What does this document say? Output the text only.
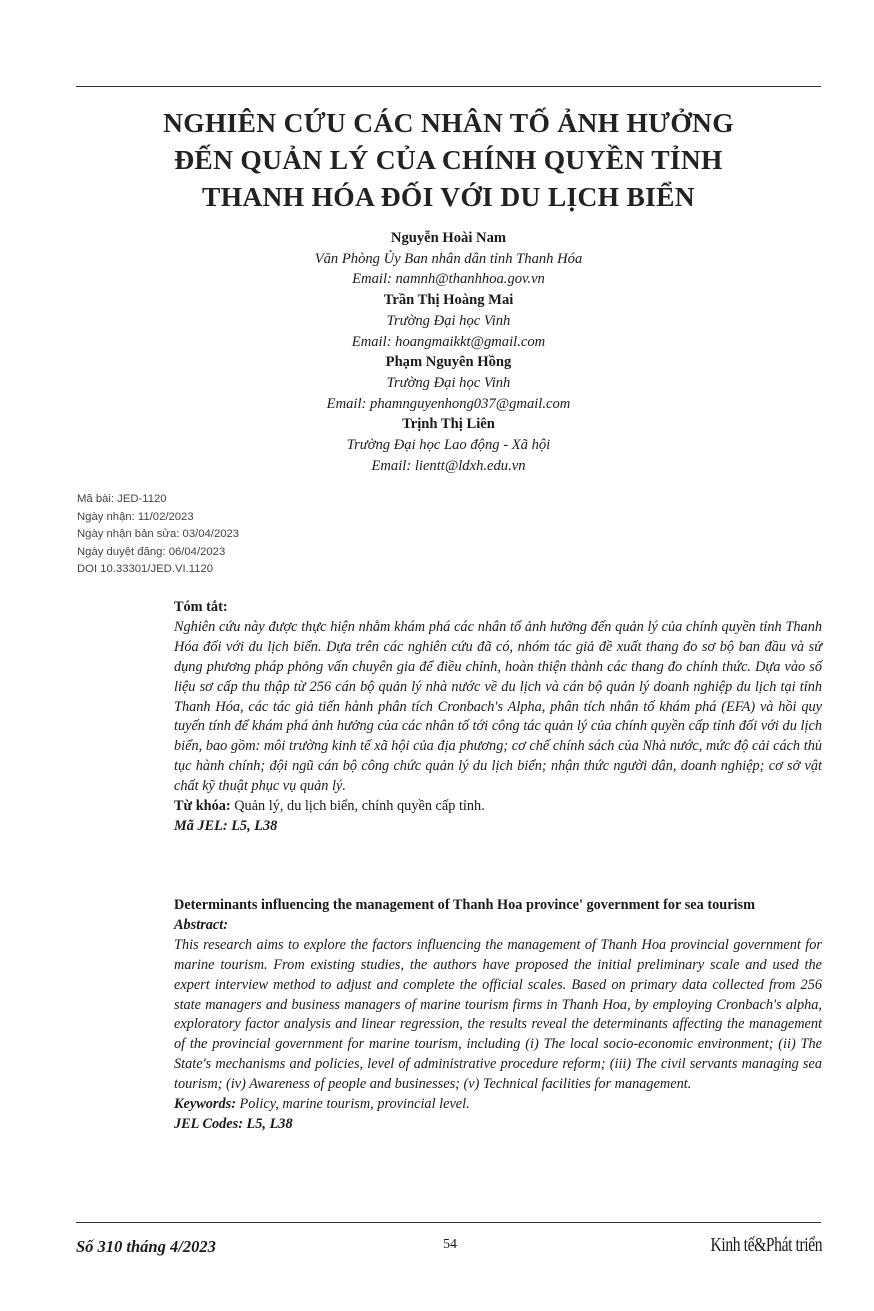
NGHIÊN CỨU CÁC NHÂN TỐ ẢNH HƯỞNG
ĐẾN QUẢN LÝ CỦA CHÍNH QUYỀN TỈNH
THANH HÓA ĐỐI VỚI DU LỊCH BIỂN
Nguyễn Hoài Nam
Văn Phòng Ủy Ban nhân dân tỉnh Thanh Hóa
Email: namnh@thanhhoa.gov.vn
Trần Thị Hoàng Mai
Trường Đại học Vinh
Email: hoangmaikkt@gmail.com
Phạm Nguyên Hồng
Trường Đại học Vinh
Email: phamnguyenhong037@gmail.com
Trịnh Thị Liên
Trường Đại học Lao động - Xã hội
Email: lientt@ldxh.edu.vn
Mã bài: JED-1120
Ngày nhận: 11/02/2023
Ngày nhận bản sửa: 03/04/2023
Ngày duyệt đăng: 06/04/2023
DOI 10.33301/JED.VI.1120
Tóm tắt:
Nghiên cứu này được thực hiện nhằm khám phá các nhân tố ảnh hưởng đến quản lý của chính quyền tỉnh Thanh Hóa đối với du lịch biển. Dựa trên các nghiên cứu đã có, nhóm tác giả đề xuất thang đo sơ bộ ban đầu và sử dụng phương pháp phỏng vấn chuyên gia để điều chỉnh, hoàn thiện thành các thang đo chính thức. Dựa vào số liệu sơ cấp thu thập từ 256 cán bộ quản lý nhà nước về du lịch và cán bộ quản lý doanh nghiệp du lịch tại tỉnh Thanh Hóa, các tác giả tiến hành phân tích Cronbach's Alpha, phân tích nhân tố khám phá (EFA) và hồi quy tuyến tính để khám phá ảnh hưởng của các nhân tố tới công tác quản lý của chính quyền cấp tỉnh đối với du lịch biển, bao gồm: môi trường kinh tế xã hội của địa phương; cơ chế chính sách của Nhà nước, mức độ cải cách thủ tục hành chính; đội ngũ cán bộ công chức quản lý du lịch biển; nhận thức người dân, doanh nghiệp; cơ sở vật chất kỹ thuật phục vụ quản lý.
Từ khóa: Quản lý, du lịch biển, chính quyền cấp tỉnh.
Mã JEL: L5, L38
Determinants influencing the management of Thanh Hoa province' government for sea tourism
Abstract:
This research aims to explore the factors influencing the management of Thanh Hoa provincial government for marine tourism. From existing studies, the authors have proposed the initial preliminary scale and used the expert interview method to adjust and complete the official scales. Based on primary data collected from 256 state managers and business managers of marine tourism firms in Thanh Hoa, by employing Cronbach's alpha, exploratory factor analysis and linear regression, the results reveal the determinants affecting the management of the provincial government for marine tourism, including (i) The local socio-economic environment; (ii) The State's mechanisms and policies, level of administrative procedure reform; (iii) The civil servants managing sea tourism; (iv) Awareness of people and businesses; (v) Technical facilities for management.
Keywords: Policy, marine tourism, provincial level.
JEL Codes: L5, L38
Số 310 tháng 4/2023	54	Kinh tế&Phát triển
